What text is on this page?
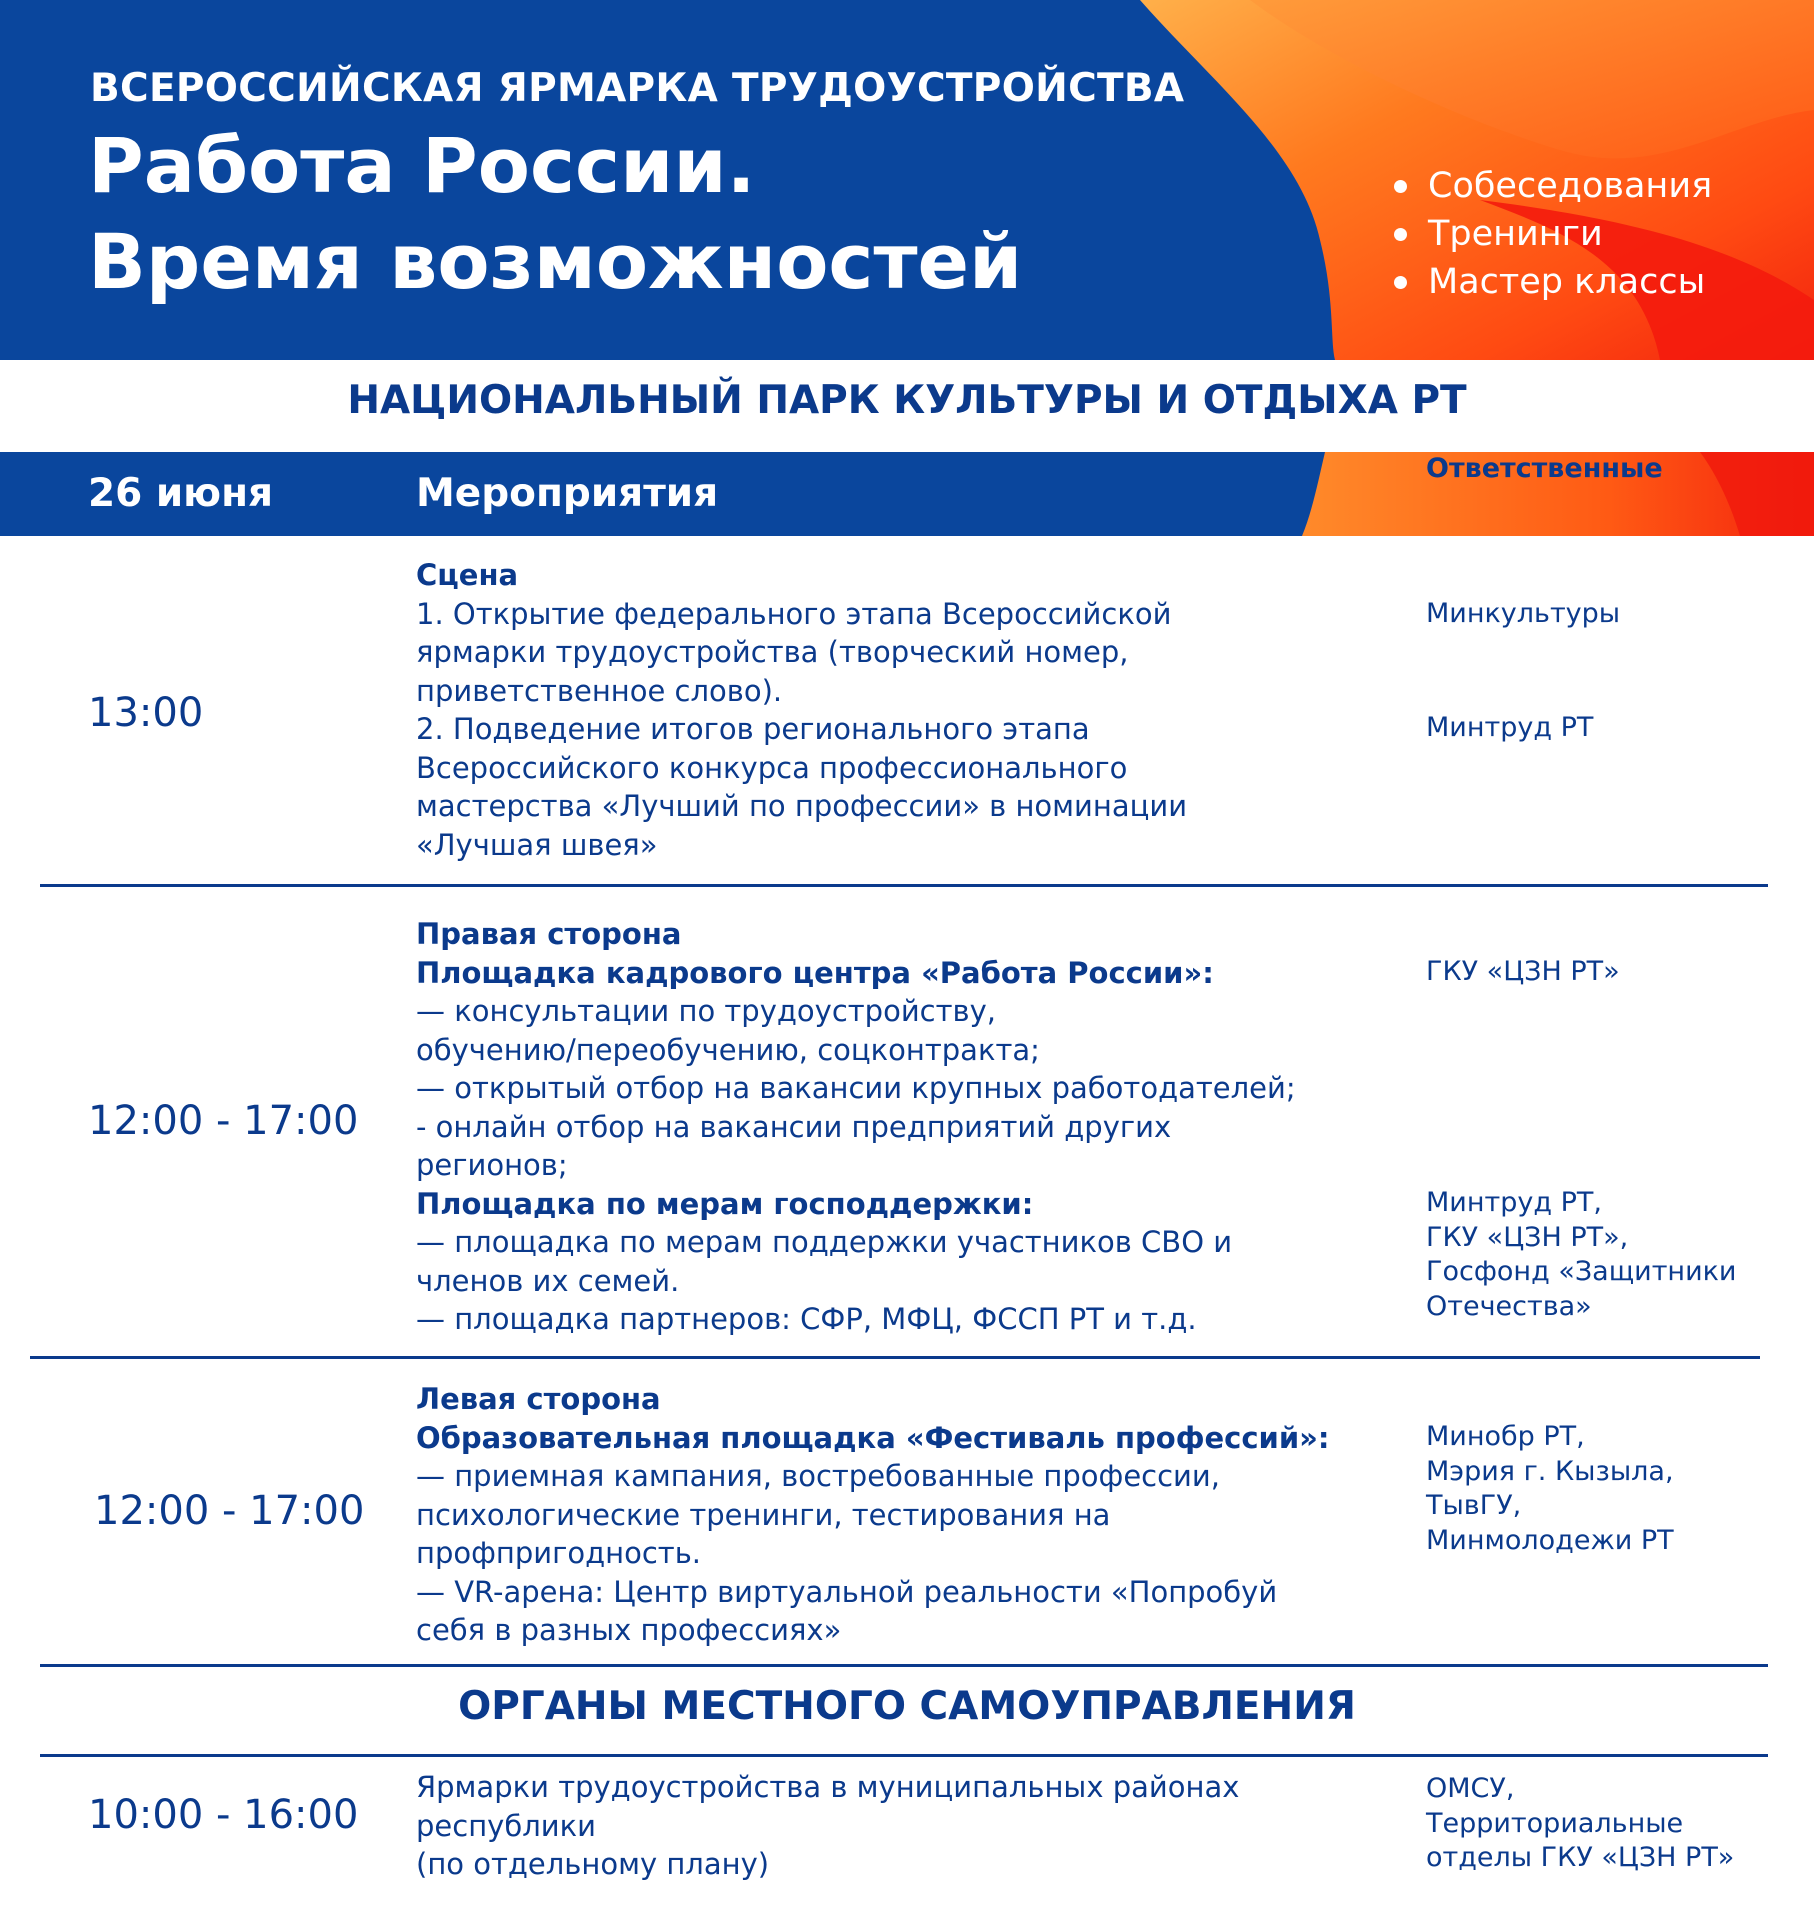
ВСЕРОССИЙСКАЯ ЯРМАРКА ТРУДОУСТРОЙСТВА
Работа России.
Время возможностей
Собеседования
Тренинги
Мастер классы
НАЦИОНАЛЬНЫЙ ПАРК КУЛЬТУРЫ И ОТДЫХА РТ
26 июня	Мероприятия
Ответственные
13:00
Сцена
1. Открытие федерального этапа Всероссийской
ярмарки трудоустройства (творческий номер,
приветственное слово).
2. Подведение итогов регионального этапа
Всероссийского конкурса профессионального
мастерства «Лучший по профессии» в номинации
«Лучшая швея»
Минкультуры
Минтруд РТ
12:00 - 17:00
Правая сторона
Площадка кадрового центра «Работа России»:
— консультации по трудоустройству,
обучению/переобучению, соцконтракта;
— открытый отбор на вакансии крупных работодателей;
- онлайн отбор на вакансии предприятий других
регионов;
Площадка по мерам господдержки:
— площадка по мерам поддержки участников СВО и
членов их семей.
— площадка партнеров: СФР, МФЦ, ФССП РТ и т.д.
ГКУ «ЦЗН РТ»
Минтруд РТ,
ГКУ «ЦЗН РТ»,
Госфонд «Защитники
Отечества»
12:00 - 17:00
Левая сторона
Образовательная площадка «Фестиваль профессий»:
— приемная кампания, востребованные профессии,
психологические тренинги, тестирования на
профпригодность.
— VR-арена: Центр виртуальной реальности «Попробуй
себя в разных профессиях»
Минобр РТ,
Мэрия г. Кызыла,
ТывГУ,
Минмолодежи РТ
ОРГАНЫ МЕСТНОГО САМОУПРАВЛЕНИЯ
10:00 - 16:00
Ярмарки трудоустройства в муниципальных районах
республики
(по отдельному плану)
ОМСУ,
Территориальные
отделы ГКУ «ЦЗН РТ»
